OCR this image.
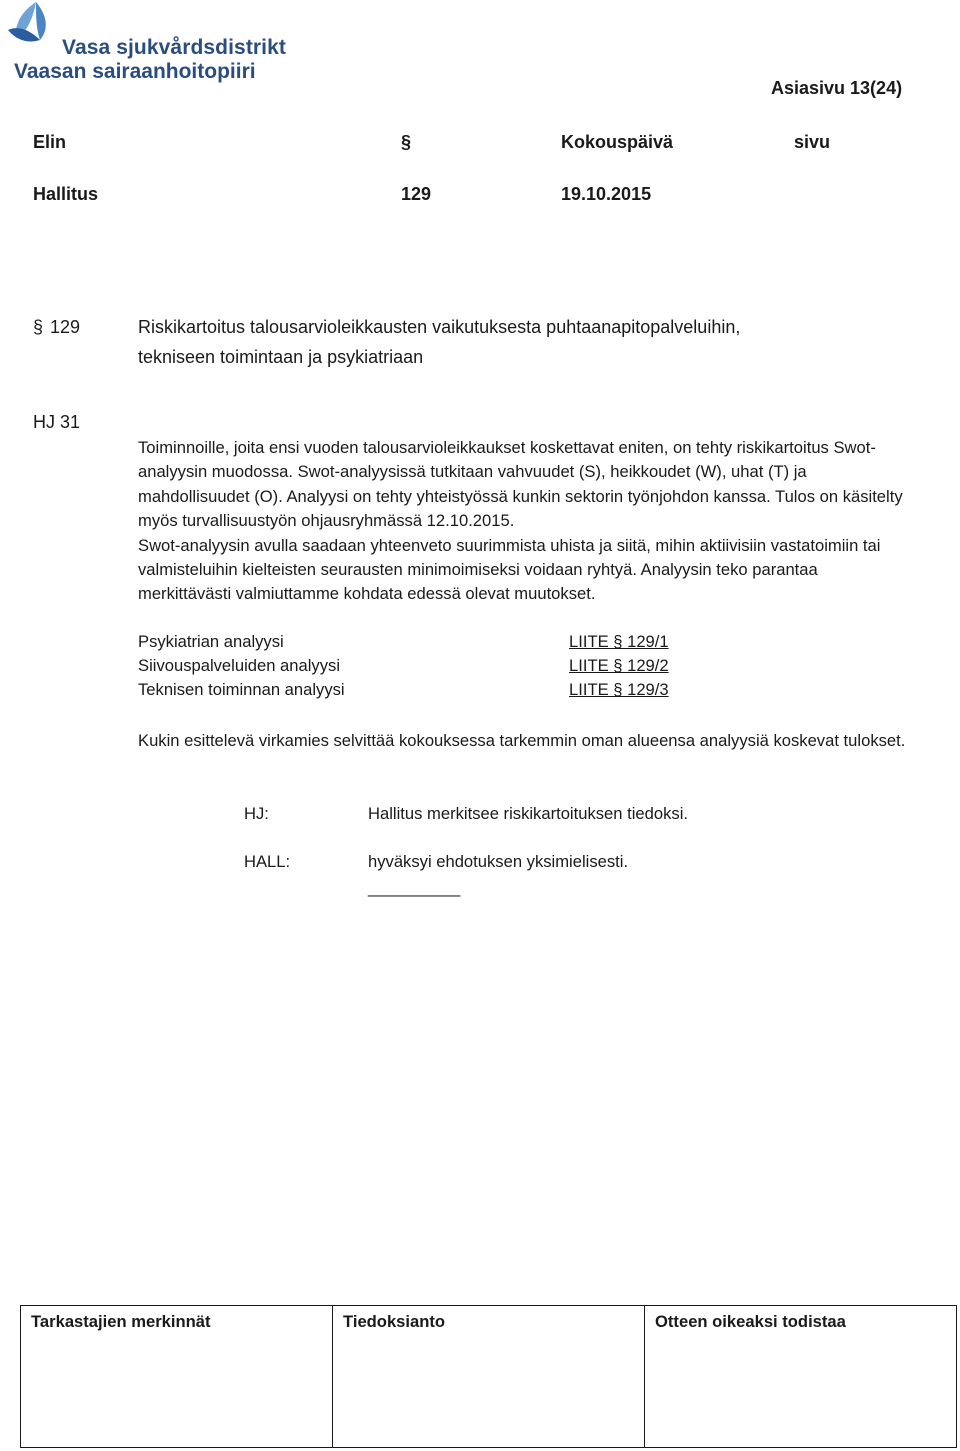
Vasa sjukvårdsdistrikt
Vaasan sairaanhoitopiiri
Asiasivu 13(24)
Elin	§	Kokouspäivä	sivu
Hallitus	129	19.10.2015
§ 129	Riskikartoitus talousarvioleikkausten vaikutuksesta puhtaanapitopalveluihin,
tekniseen toimintaan ja psykiatriaan
HJ 31

Toiminnoille, joita ensi vuoden talousarvioleikkaukset koskettavat eniten, on tehty riskikartoitus Swot-analyysin muodossa. Swot-analyysissä tutkitaan vahvuudet (S), heikkoudet (W), uhat (T) ja mahdollisuudet (O). Analyysi on tehty yhteistyössä kunkin sektorin työnjohdon kanssa. Tulos on käsitelty myös turvallisuustyön ohjausryhmässä 12.10.2015.

Swot-analyysin avulla saadaan yhteenveto suurimmista uhista ja siitä, mihin aktiivisiin vastatoimiin tai valmisteluihin kielteisten seurausten minimoimiseksi voidaan ryhtyä. Analyysin teko parantaa merkittävästi valmiuttamme kohdata edessä olevat muutokset.

Psykiatrian analyysi	LIITE § 129/1
Siivouspalveluiden analyysi	LIITE § 129/2
Teknisen toiminnan analyysi	LIITE § 129/3
Kukin esittelevä virkamies selvittää kokouksessa tarkemmin oman alueensa analyysiä koskevat tulokset.
HJ:	Hallitus merkitsee riskikartoituksen tiedoksi.
HALL:	hyväksyi ehdotuksen yksimielisesti.
__________
Tarkastajien merkinnät	Tiedoksianto	Otteen oikeaksi todistaa
